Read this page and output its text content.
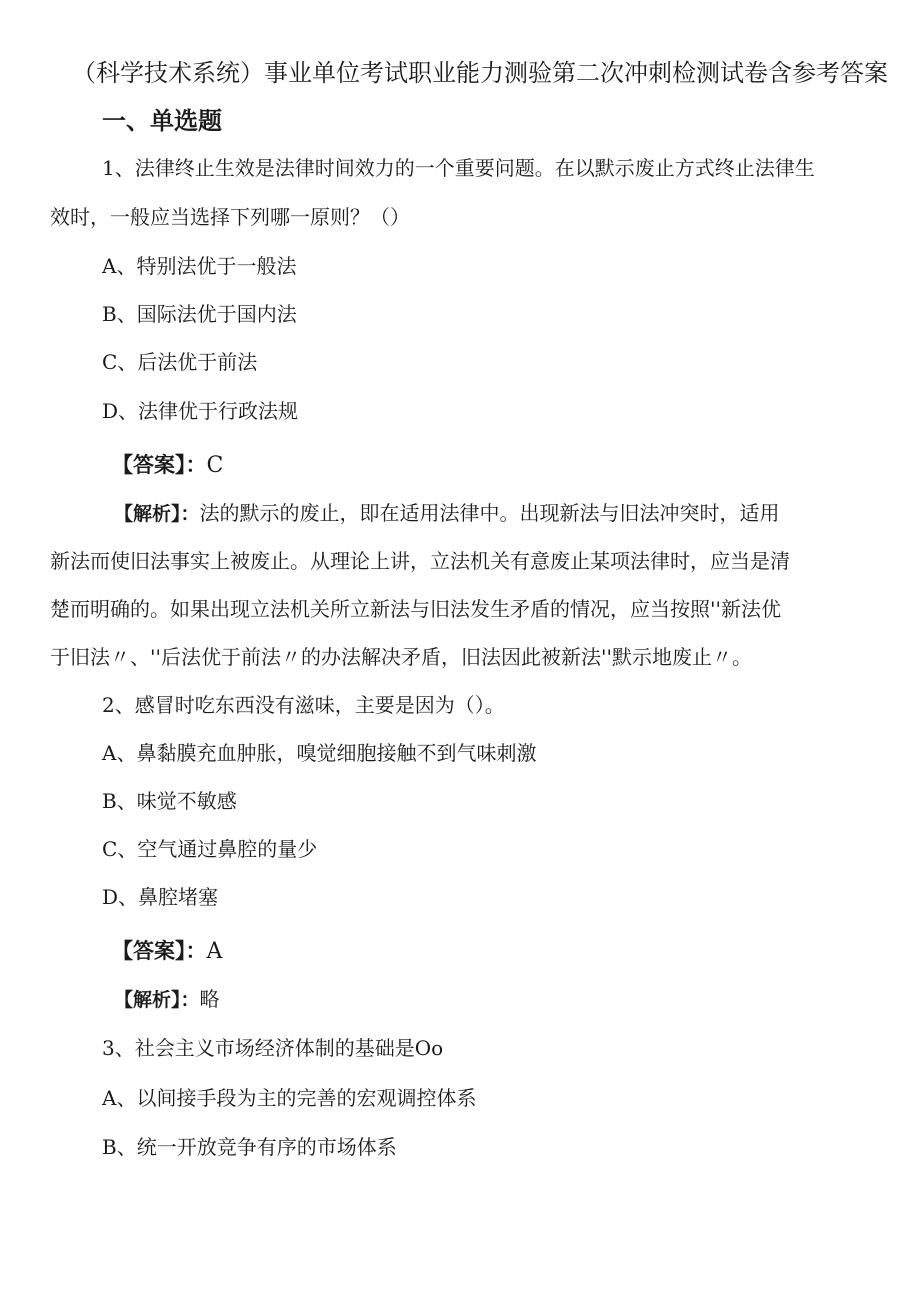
（科学技术系统）事业单位考试职业能力测验第二次冲刺检测试卷含参考答案
一、单选题
1、法律终止生效是法律时间效力的一个重要问题。在以默示废止方式终止法律生
效时，一般应当选择下列哪一原则？（）
A、特别法优于一般法
B、国际法优于国内法
C、后法优于前法
D、法律优于行政法规
【答案】：C
【解析】：法的默示的废止，即在适用法律中。出现新法与旧法冲突时，适用
新法而使旧法事实上被废止。从理论上讲，立法机关有意废止某项法律时，应当是清
楚而明确的。如果出现立法机关所立新法与旧法发生矛盾的情况，应当按照''新法优
于旧法〃、''后法优于前法〃的办法解决矛盾，旧法因此被新法''默示地废止〃。
2、感冒时吃东西没有滋味，主要是因为（）。
A、鼻黏膜充血肿胀，嗅觉细胞接触不到气味刺激
B、味觉不敏感
C、空气通过鼻腔的量少
D、鼻腔堵塞
【答案】：A
【解析】：略
3、社会主义市场经济体制的基础是Oo
A、以间接手段为主的完善的宏观调控体系
B、统一开放竞争有序的市场体系
